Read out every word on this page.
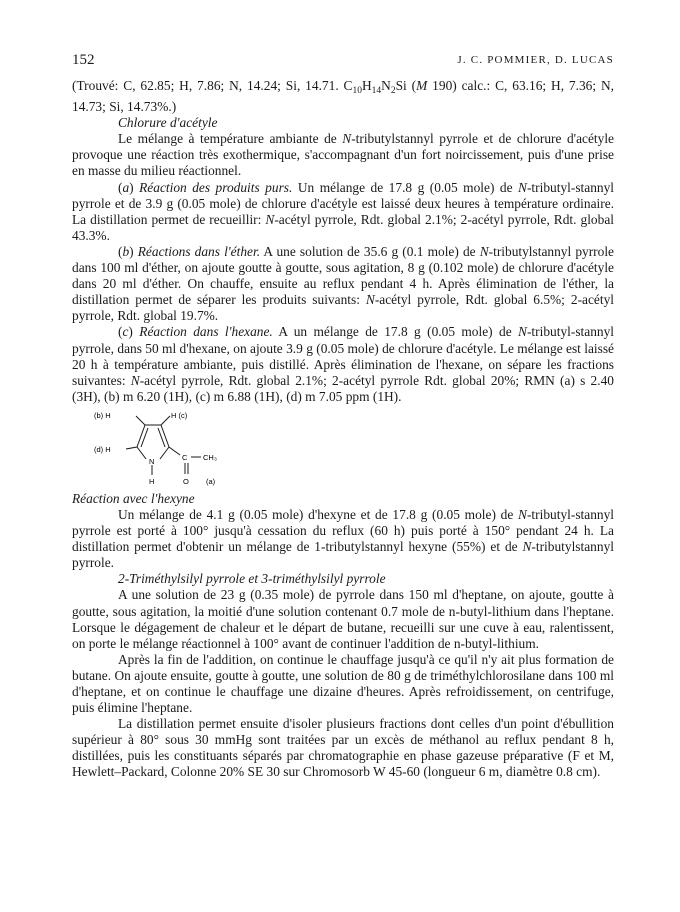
152	J. C. POMMIER, D. LUCAS

(Trouvé: C, 62.85; H, 7.86; N, 14.24; Si, 14.71. $C_{10}H_{14}N_2Si$ (M 190) calc.: C, 63.16; H, 7.36; N, 14.73; Si, 14.73%.)

Chlorure d'acétyle

Le mélange à température ambiante de N-tributylstannyl pyrrole et de chlorure d'acétyle provoque une réaction très exothermique, s'accompagnant d'un fort noircissement, puis d'une prise en masse du milieu réactionnel.

(a) Réaction des produits purs. Un mélange de 17.8 g (0.05 mole) de N-tributyl-stannyl pyrrole et de 3.9 g (0.05 mole) de chlorure d'acétyle est laissé deux heures à température ordinaire. La distillation permet de recueillir: N-acétyl pyrrole, Rdt. global 2.1%; 2-acétyl pyrrole, Rdt. global 43.3%.

(b) Réactions dans l'éther. A une solution de 35.6 g (0.1 mole) de N-tributylstannyl pyrrole dans 100 ml d'éther, on ajoute goutte à goutte, sous agitation, 8 g (0.102 mole) de chlorure d'acétyle dans 20 ml d'éther. On chauffe, ensuite au reflux pendant 4 h. Après élimination de l'éther, la distillation permet de séparer les produits suivants: N-acétyl pyrrole, Rdt. global 6.5%; 2-acétyl pyrrole, Rdt. global 19.7%.

(c) Réaction dans l'hexane. A un mélange de 17.8 g (0.05 mole) de N-tributyl-stannyl pyrrole, dans 50 ml d'hexane, on ajoute 3.9 g (0.05 mole) de chlorure d'acétyle. Le mélange est laissé 20 h à température ambiante, puis distillé. Après élimination de l'hexane, on sépare les fractions suivantes: N-acétyl pyrrole, Rdt. global 2.1%; 2-acétyl pyrrole Rdt. global 20%; RMN (a) s 2.40 (3H), (b) m 6.20 (1H), (c) m 6.88 (1H), (d) m 7.05 ppm (1H).

(b) H	H (c)
(d) H
N
H
C CH₃
O (a)

Réaction avec l'hexyne

Un mélange de 4.1 g (0.05 mole) d'hexyne et de 17.8 g (0.05 mole) de N-tributyl-stannyl pyrrole est porté à 100° jusqu'à cessation du reflux (60 h) puis porté à 150° pendant 24 h. La distillation permet d'obtenir un mélange de 1-tributylstannyl hexyne (55%) et de N-tributylstannyl pyrrole.

2-Triméthylsilyl pyrrole et 3-triméthylsilyl pyrrole

A une solution de 23 g (0.35 mole) de pyrrole dans 150 ml d'heptane, on ajoute, goutte à goutte, sous agitation, la moitié d'une solution contenant 0.7 mole de n-butyl-lithium dans l'heptane. Lorsque le dégagement de chaleur et le départ de butane, recueilli sur une cuve à eau, ralentissent, on porte le mélange réactionnel à 100° avant de continuer l'addition de n-butyl-lithium.

Après la fin de l'addition, on continue le chauffage jusqu'à ce qu'il n'y ait plus formation de butane. On ajoute ensuite, goutte à goutte, une solution de 80 g de triméthylchlorosilane dans 100 ml d'heptane, et on continue le chauffage une dizaine d'heures. Après refroidissement, on centrifuge, puis élimine l'heptane.

La distillation permet ensuite d'isoler plusieurs fractions dont celles d'un point d'ébullition supérieur à 80° sous 30 mmHg sont traitées par un excès de méthanol au reflux pendant 8 h, distillées, puis les constituants séparés par chromatographie en phase gazeuse préparative (F et M, Hewlett–Packard, Colonne 20% SE 30 sur Chromosorb W 45-60 (longueur 6 m, diamètre 0.8 cm).
